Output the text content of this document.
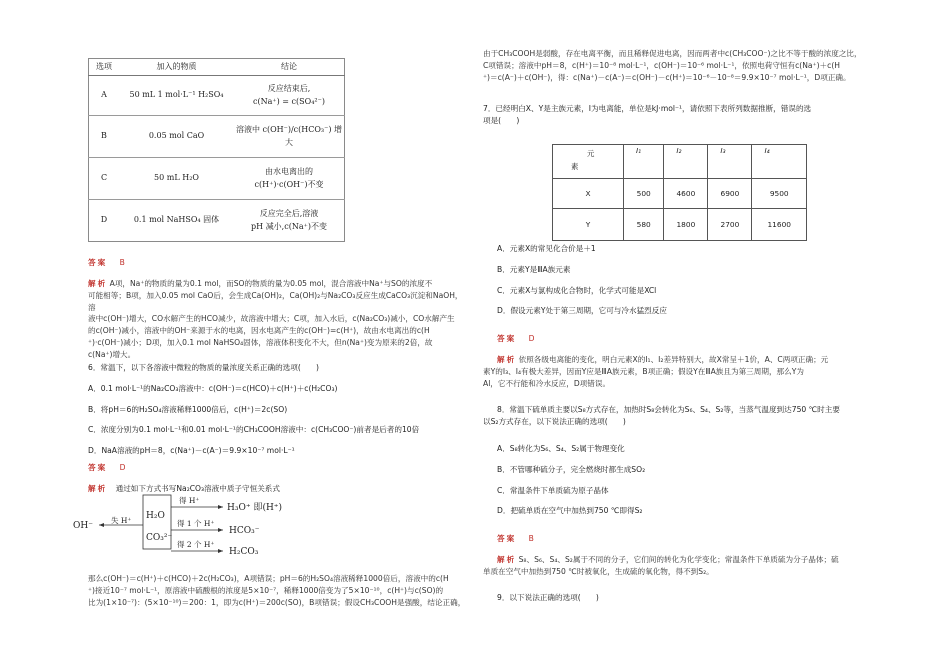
选项	加入的物质	结论
A	50 mL 1 mol·L⁻¹ H₂SO₄	反应结束后,
c(Na⁺) = c(SO₄²⁻)

B	0.05 mol CaO	溶液中 c(OH⁻)/c(HCO₃⁻) 增大

C	50 mL H₂O	由水电离出的
c(H⁺)·c(OH⁻)不变

D	0.1 mol NaHSO₄ 固体	反应完全后,溶液
pH 减小,c(Na⁺)不变
答案 B

解析 A项，Na⁺的物质的量为0.1 mol，而SO的物质的量为0.05 mol，混合溶液中Na⁺与SO的浓度不

可能相等；B项，加入0.05 mol CaO后，会生成Ca(OH)₂，Ca(OH)₂与Na₂CO₃反应生成CaCO₃沉淀和NaOH，溶

液中c(OH⁻)增大，CO水解产生的HCO减少，故溶液中增大；C项，加入水后，c(Na₂CO₃)减小，CO水解产生

的c(OH⁻)减小，溶液中的OH⁻来源于水的电离，因水电离产生的c(OH⁻)=c(H⁺)，故由水电离出的c(H

⁺)·c(OH⁻)减小；D项，加入0.1 mol NaHSO₄固体，溶液体积变化不大，但n(Na⁺)变为原来的2倍，故

c(Na⁺)增大。

6．常温下，以下各溶液中微粒的物质的量浓度关系正确的选项(　　)

A．0.1 mol·L⁻¹的Na₂CO₃溶液中：c(OH⁻)＝c(HCO)＋c(H⁺)＋c(H₂CO₃)

B．将pH＝6的H₂SO₄溶液稀释1000倍后，c(H⁺)＝2c(SO)

C．浓度分别为0.1 mol·L⁻¹和0.01 mol·L⁻¹的CH₃COOH溶液中：c(CH₃COO⁻)前者是后者的10倍

D．NaA溶液的pH＝8，c(Na⁺)－c(A⁻)＝9.9×10⁻⁷ mol·L⁻¹

答案 D
解析 通过如下方式书写Na₂CO₃溶液中质子守恒关系式
OH⁻
失 H⁺ H₂O
CO₃²⁻
得 H⁺
H₃O⁺ 即(H⁺)
得 1 个 H⁺
HCO₃⁻
得 2 个 H⁺
H₂CO₃

那么c(OH⁻)＝c(H⁺)＋c(HCO)＋2c(H₂CO₃)，A项错误；pH＝6的H₂SO₄溶液稀释1000倍后，溶液中的c(H

⁺)接近10⁻⁷ mol·L⁻¹，原溶液中硫酸根的浓度是5×10⁻⁷，稀释1000倍变为了5×10⁻¹⁰，c(H⁺)与c(SO)的

比为(1×10⁻⁷)：(5×10⁻¹⁰)＝200：1，即为c(H⁺)＝200c(SO)，B项错误；假设CH₃COOH是强酸，结论正确，

由于CH₃COOH是弱酸，存在电离平衡，而且稀释促进电离，因而两者中c(CH₃COO⁻)之比不等于酸的浓度之比，

C项错误；溶液中pH＝8，c(H⁺)＝10⁻⁸ mol·L⁻¹，c(OH⁻)＝10⁻⁶ mol·L⁻¹，依照电荷守恒有c(Na⁺)＋c(H

⁺)＝c(A⁻)＋c(OH⁻)，得：c(Na⁺)－c(A⁻)＝c(OH⁻)－c(H⁺)＝10⁻⁶－10⁻⁸＝9.9×10⁻⁷ mol·L⁻¹，D项正确。

7．已经明白X、Y是主族元素，I为电离能，单位是kJ·mol⁻¹，请依照下表所列数据推断，错误的选

项是(　　)

元
素	I₁	I₂	I₃	I₄
X	500	4600	6900	9500
Y	580	1800	2700	11600

A．元素X的常见化合价是＋1

B．元素Y是ⅢA族元素

C．元素X与氯构成化合物时，化学式可能是XCl

D．假设元素Y处于第三周期，它可与冷水猛烈反应

答案 D

解析 依照各级电离能的变化，明白元素X的I₁、I₂差异特别大，故X常呈＋1价，A、C两项正确；元

素Y的I₃、I₄有极大差异，因而Y应是ⅢA族元素，B项正确；假设Y在ⅢA族且为第三周期，那么Y为

Al，它不行能和冷水反应，D项错误。

8．常温下硫单质主要以S₈方式存在，加热时S₈会转化为S₆、S₄、S₂等，当蒸气温度到达750 ℃时主要

以S₂方式存在，以下说法正确的选项(　　)

A．S₈转化为S₆、S₄、S₂属于物理变化

B．不管哪种硫分子，完全燃烧时都生成SO₂

C．常温条件下单质硫为原子晶体

D．把硫单质在空气中加热到750 ℃即得S₂

答案 B

解析 S₈、S₆、S₄、S₂属于不同的分子，它们间的转化为化学变化；常温条件下单质硫为分子晶体；硫

单质在空气中加热到750 ℃时被氧化，生成硫的氧化物，得不到S₂。

9．以下说法正确的选项(　　)
